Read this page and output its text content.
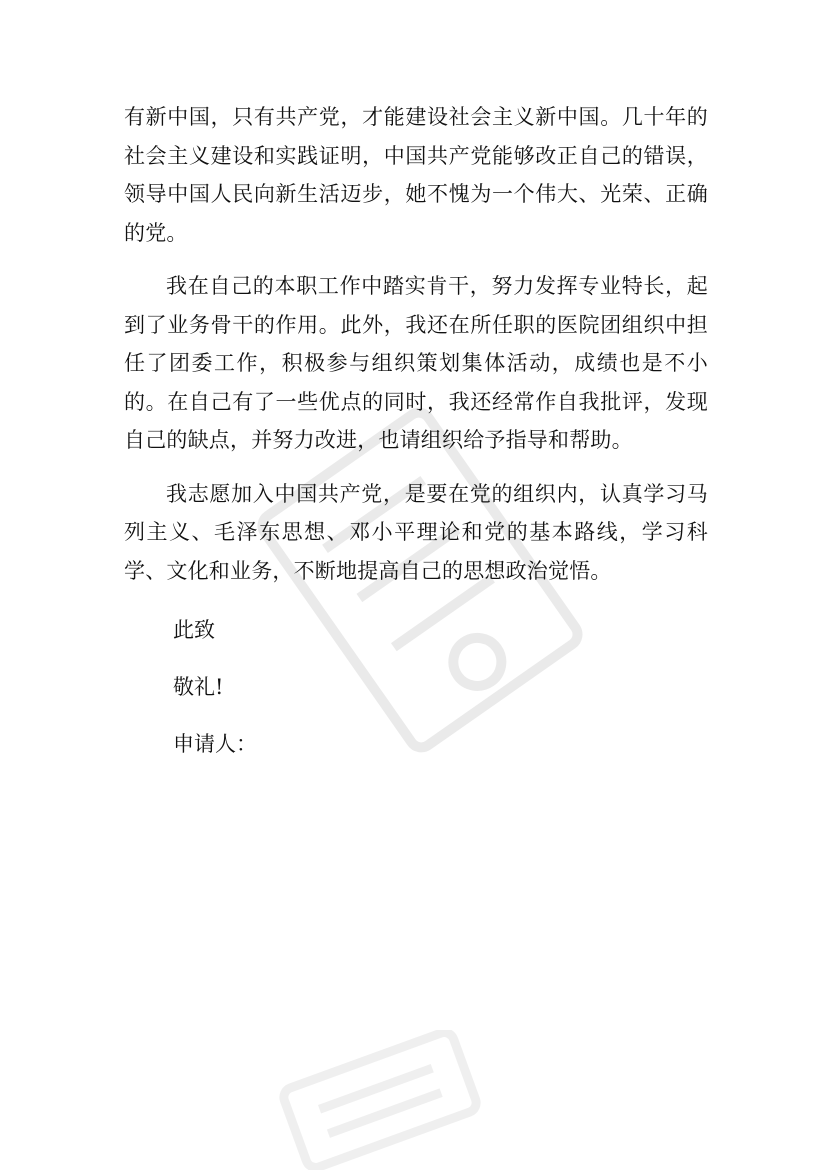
有新中国，只有共产党，才能建设社会主义新中国。几十年的社会主义建设和实践证明，中国共产党能够改正自己的错误，领导中国人民向新生活迈步，她不愧为一个伟大、光荣、正确的党。

我在自己的本职工作中踏实肯干，努力发挥专业特长，起到了业务骨干的作用。此外，我还在所任职的医院团组织中担任了团委工作，积极参与组织策划集体活动，成绩也是不小的。在自己有了一些优点的同时，我还经常作自我批评，发现自己的缺点，并努力改进，也请组织给予指导和帮助。

我志愿加入中国共产党，是要在党的组织内，认真学习马列主义、毛泽东思想、邓小平理论和党的基本路线，学习科学、文化和业务，不断地提高自己的思想政治觉悟。

此致

敬礼!

申请人：
